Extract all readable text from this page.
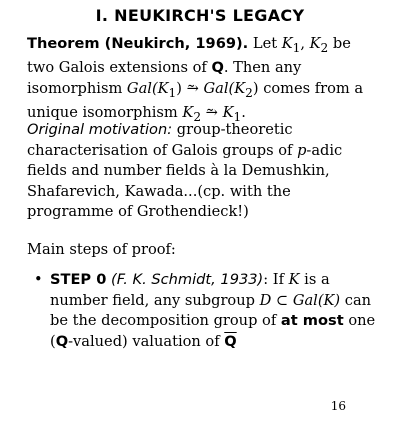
I. NEUKIRCH'S LEGACY
Theorem (Neukirch, 1969). Let $K_1$, $K_2$ be two Galois extensions of Q. Then any isomorphism $Gal(K_1)$ ⥲ $Gal(K_2)$ comes from a unique isomorphism $K_2$ ⥲ $K_1$.
Original motivation: group-theoretic characterisation of Galois groups of p-adic fields and number fields à la Demushkin, Shafarevich, Kawada...(cp. with the programme of Grothendieck!)
Main steps of proof:
• STEP 0 (F. K. Schmidt, 1933): If K is a number field, any subgroup D ⊂ Gal(K) can be the decomposition group of at most one (Q-valued) valuation of $\overline{Q}$
16
